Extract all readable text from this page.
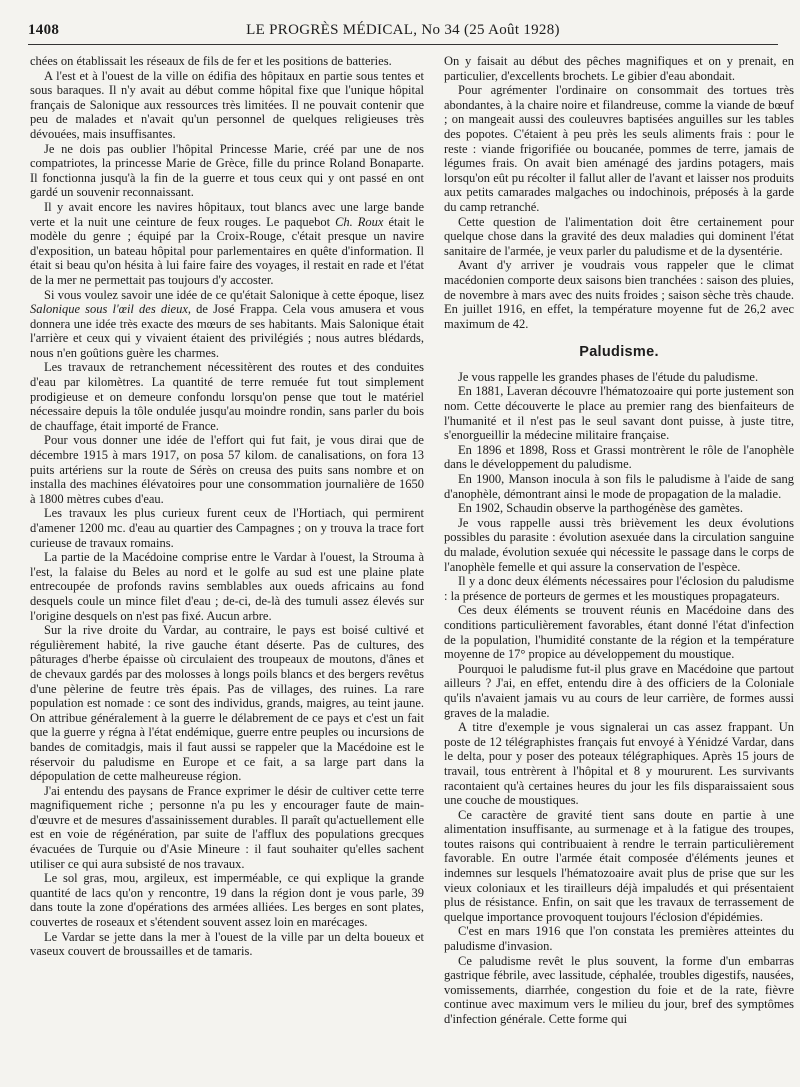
1408	LE PROGRÈS MÉDICAL, No 34 (25 Août 1928)

chées on établissait les réseaux de fils de fer et les positions de batteries.

A l'est et à l'ouest de la ville on édifia des hôpitaux en partie sous tentes et sous baraques. Il n'y avait au début comme hôpital fixe que l'unique hôpital français de Salonique aux ressources très limitées. Il ne pouvait contenir que peu de malades et n'avait qu'un personnel de quelques religieuses très dévouées, mais insuffisantes.

Je ne dois pas oublier l'hôpital Princesse Marie, créé par une de nos compatriotes, la princesse Marie de Grèce, fille du prince Roland Bonaparte. Il fonctionna jusqu'à la fin de la guerre et tous ceux qui y ont passé en ont gardé un souvenir reconnaissant.

Il y avait encore les navires hôpitaux, tout blancs avec une large bande verte et la nuit une ceinture de feux rouges. Le paquebot Ch. Roux était le modèle du genre ; équipé par la Croix-Rouge, c'était presque un navire d'exposition, un bateau hôpital pour parlementaires en quête d'information. Il était si beau qu'on hésita à lui faire faire des voyages, il restait en rade et l'état de la mer ne permettait pas toujours d'y accoster.

Si vous voulez savoir une idée de ce qu'était Salonique à cette époque, lisez Salonique sous l'œil des dieux, de José Frappa. Cela vous amusera et vous donnera une idée très exacte des mœurs de ses habitants. Mais Salonique était l'arrière et ceux qui y vivaient étaient des privilégiés ; nous autres blédards, nous n'en goûtions guère les charmes.

Les travaux de retranchement nécessitèrent des routes et des conduites d'eau par kilomètres. La quantité de terre remuée fut tout simplement prodigieuse et on demeure confondu lorsqu'on pense que tout le matériel nécessaire depuis la tôle ondulée jusqu'au moindre rondin, sans parler du bois de chauffage, était importé de France.

Pour vous donner une idée de l'effort qui fut fait, je vous dirai que de décembre 1915 à mars 1917, on posa 57 kilom. de canalisations, on fora 13 puits artériens sur la route de Sérès on creusa des puits sans nombre et on installa des machines élévatoires pour une consommation journalière de 1650 à 1800 mètres cubes d'eau.

Les travaux les plus curieux furent ceux de l'Hortiach, qui permirent d'amener 1200 mc. d'eau au quartier des Campagnes ; on y trouva la trace fort curieuse de travaux romains.

La partie de la Macédoine comprise entre le Vardar à l'ouest, la Strouma à l'est, la falaise du Beles au nord et le golfe au sud est une plaine plate entrecoupée de profonds ravins semblables aux oueds africains au fond desquels coule un mince filet d'eau ; de-ci, de-là des tumuli assez élevés sur l'origine desquels on n'est pas fixé. Aucun arbre.

Sur la rive droite du Vardar, au contraire, le pays est boisé cultivé et régulièrement habité, la rive gauche étant déserte. Pas de cultures, des pâturages d'herbe épaisse où circulaient des troupeaux de moutons, d'ânes et de chevaux gardés par des molosses à longs poils blancs et des bergers revêtus d'une pèlerine de feutre très épais. Pas de villages, des ruines. La rare population est nomade : ce sont des individus, grands, maigres, au teint jaune. On attribue généralement à la guerre le délabrement de ce pays et c'est un fait que la guerre y régna à l'état endémique, guerre entre peuples ou incursions de bandes de comitadgis, mais il faut aussi se rappeler que la Macédoine est le réservoir du paludisme en Europe et ce fait, a sa large part dans la dépopulation de cette malheureuse région.

J'ai entendu des paysans de France exprimer le désir de cultiver cette terre magnifiquement riche ; personne n'a pu les y encourager faute de main-d'œuvre et de mesures d'assainissement durables. Il paraît qu'actuellement elle est en voie de régénération, par suite de l'afflux des populations grecques évacuées de Turquie ou d'Asie Mineure : il faut souhaiter qu'elles sachent utiliser ce qui aura subsisté de nos travaux.

Le sol gras, mou, argileux, est imperméable, ce qui explique la grande quantité de lacs qu'on y rencontre, 19 dans la région dont je vous parle, 39 dans toute la zone d'opérations des armées alliées. Les berges en sont plates, couvertes de roseaux et s'étendent souvent assez loin en marécages.

Le Vardar se jette dans la mer à l'ouest de la ville par un delta boueux et vaseux couvert de broussailles et de tamaris.

On y faisait au début des pêches magnifiques et on y prenait, en particulier, d'excellents brochets. Le gibier d'eau abondait.

Pour agrémenter l'ordinaire on consommait des tortues très abondantes, à la chaire noire et filandreuse, comme la viande de bœuf ; on mangeait aussi des couleuvres baptisées anguilles sur les tables des popotes. C'étaient à peu près les seuls aliments frais : pour le reste : viande frigorifiée ou boucanée, pommes de terre, jamais de légumes frais. On avait bien aménagé des jardins potagers, mais lorsqu'on eût pu récolter il fallut aller de l'avant et laisser nos produits aux petits camarades malgaches ou indochinois, préposés à la garde du camp retranché.

Cette question de l'alimentation doit être certainement pour quelque chose dans la gravité des deux maladies qui dominent l'état sanitaire de l'armée, je veux parler du paludisme et de la dysentérie.

Avant d'y arriver je voudrais vous rappeler que le climat macédonien comporte deux saisons bien tranchées : saison des pluies, de novembre à mars avec des nuits froides ; saison sèche très chaude. En juillet 1916, en effet, la température moyenne fut de 26,2 avec maximum de 42.

Paludisme.

Je vous rappelle les grandes phases de l'étude du paludisme.

En 1881, Laveran découvre l'hématozoaire qui porte justement son nom. Cette découverte le place au premier rang des bienfaiteurs de l'humanité et il n'est pas le seul savant dont puisse, à juste titre, s'enorgueillir la médecine militaire française.

En 1896 et 1898, Ross et Grassi montrèrent le rôle de l'anophèle dans le développement du paludisme.

En 1900, Manson inocula à son fils le paludisme à l'aide de sang d'anophèle, démontrant ainsi le mode de propagation de la maladie.

En 1902, Schaudin observe la parthogénèse des gamètes.

Je vous rappelle aussi très brièvement les deux évolutions possibles du parasite : évolution asexuée dans la circulation sanguine du malade, évolution sexuée qui nécessite le passage dans le corps de l'anophèle femelle et qui assure la conservation de l'espèce.

Il y a donc deux éléments nécessaires pour l'éclosion du paludisme : la présence de porteurs de germes et les moustiques propagateurs.

Ces deux éléments se trouvent réunis en Macédoine dans des conditions particulièrement favorables, étant donné l'état d'infection de la population, l'humidité constante de la région et la température moyenne de 17° propice au développement du moustique.

Pourquoi le paludisme fut-il plus grave en Macédoine que partout ailleurs ? J'ai, en effet, entendu dire à des officiers de la Coloniale qu'ils n'avaient jamais vu au cours de leur carrière, de formes aussi graves de la maladie.

A titre d'exemple je vous signalerai un cas assez frappant. Un poste de 12 télégraphistes français fut envoyé à Yénidzé Vardar, dans le delta, pour y poser des poteaux télégraphiques. Après 15 jours de travail, tous entrèrent à l'hôpital et 8 y moururent. Les survivants racontaient qu'à certaines heures du jour les fils disparaissaient sous une couche de moustiques.

Ce caractère de gravité tient sans doute en partie à une alimentation insuffisante, au surmenage et à la fatigue des troupes, toutes raisons qui contribuaient à rendre le terrain particulièrement favorable. En outre l'armée était composée d'éléments jeunes et indemnes sur lesquels l'hématozoaire avait plus de prise que sur les vieux coloniaux et les tirailleurs déjà impaludés et qui présentaient plus de résistance. Enfin, on sait que les travaux de terrassement de quelque importance provoquent toujours l'éclosion d'épidémies.

C'est en mars 1916 que l'on constata les premières atteintes du paludisme d'invasion.

Ce paludisme revêt le plus souvent, la forme d'un embarras gastrique fébrile, avec lassitude, céphalée, troubles digestifs, nausées, vomissements, diarrhée, congestion du foie et de la rate, fièvre continue avec maximum vers le milieu du jour, bref des symptômes d'infection générale. Cette forme qui
